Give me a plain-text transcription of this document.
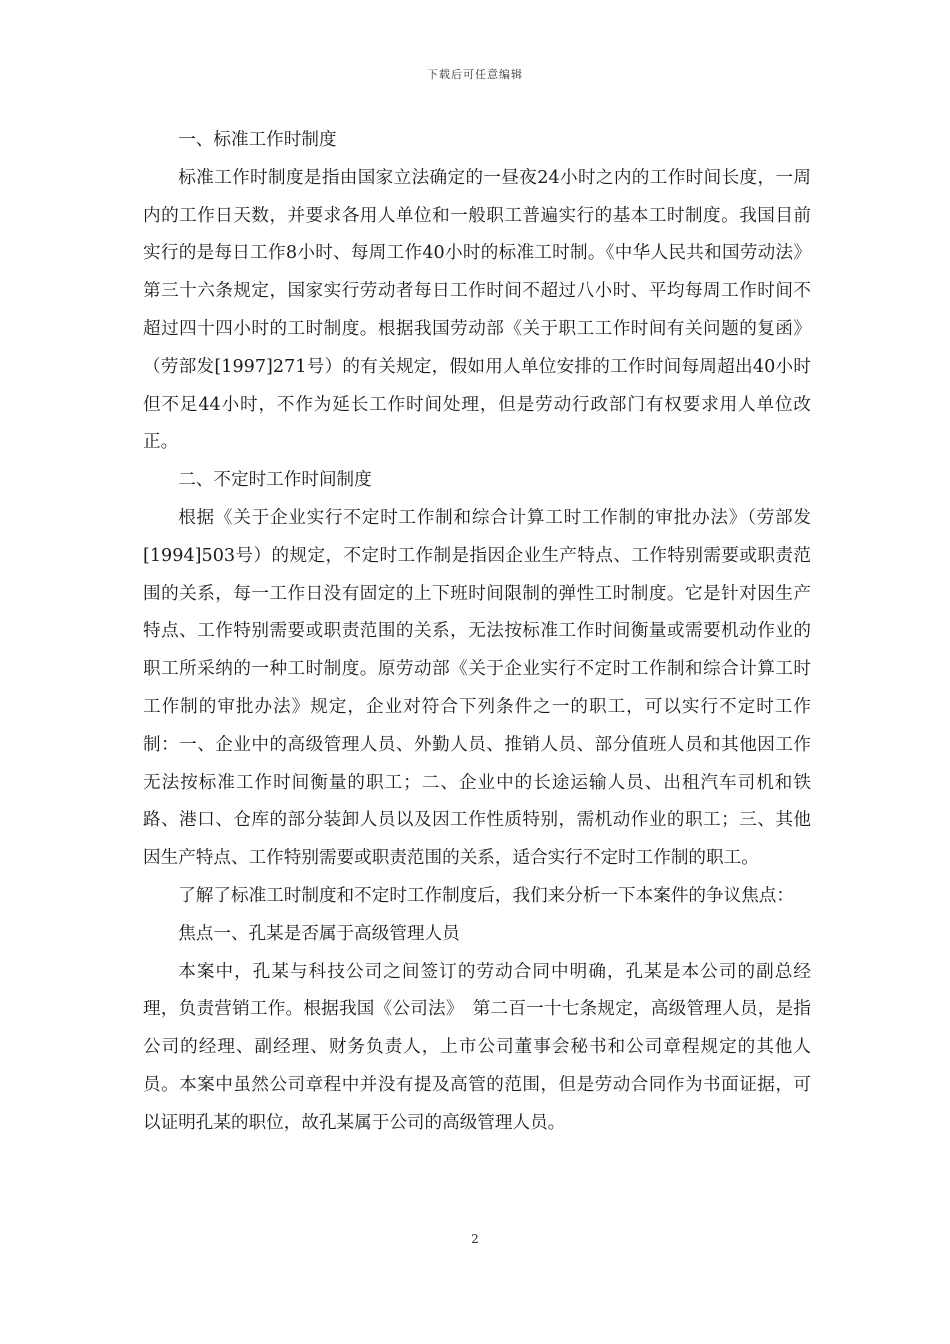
下载后可任意编辑

一、标准工作时制度

标准工作时制度是指由国家立法确定的一昼夜24小时之内的工作时间长度，一周内的工作日天数，并要求各用人单位和一般职工普遍实行的基本工时制度。我国目前实行的是每日工作8小时、每周工作40小时的标准工时制。《中华人民共和国劳动法》第三十六条规定，国家实行劳动者每日工作时间不超过八小时、平均每周工作时间不超过四十四小时的工时制度。根据我国劳动部《关于职工工作时间有关问题的复函》（劳部发[1997]271号）的有关规定，假如用人单位安排的工作时间每周超出40小时但不足44小时，不作为延长工作时间处理，但是劳动行政部门有权要求用人单位改正。

二、不定时工作时间制度

根据《关于企业实行不定时工作制和综合计算工时工作制的审批办法》（劳部发[1994]503号）的规定，不定时工作制是指因企业生产特点、工作特别需要或职责范围的关系，每一工作日没有固定的上下班时间限制的弹性工时制度。它是针对因生产特点、工作特别需要或职责范围的关系，无法按标准工作时间衡量或需要机动作业的职工所采纳的一种工时制度。原劳动部《关于企业实行不定时工作制和综合计算工时工作制的审批办法》规定，企业对符合下列条件之一的职工，可以实行不定时工作制：一、企业中的高级管理人员、外勤人员、推销人员、部分值班人员和其他因工作无法按标准工作时间衡量的职工；二、企业中的长途运输人员、出租汽车司机和铁路、港口、仓库的部分装卸人员以及因工作性质特别，需机动作业的职工；三、其他因生产特点、工作特别需要或职责范围的关系，适合实行不定时工作制的职工。

了解了标准工时制度和不定时工作制度后，我们来分析一下本案件的争议焦点：

焦点一、孔某是否属于高级管理人员

本案中，孔某与科技公司之间签订的劳动合同中明确，孔某是本公司的副总经理，负责营销工作。根据我国《公司法》　第二百一十七条规定，高级管理人员，是指公司的经理、副经理、财务负责人，上市公司董事会秘书和公司章程规定的其他人员。本案中虽然公司章程中并没有提及高管的范围，但是劳动合同作为书面证据，可以证明孔某的职位，故孔某属于公司的高级管理人员。

2
